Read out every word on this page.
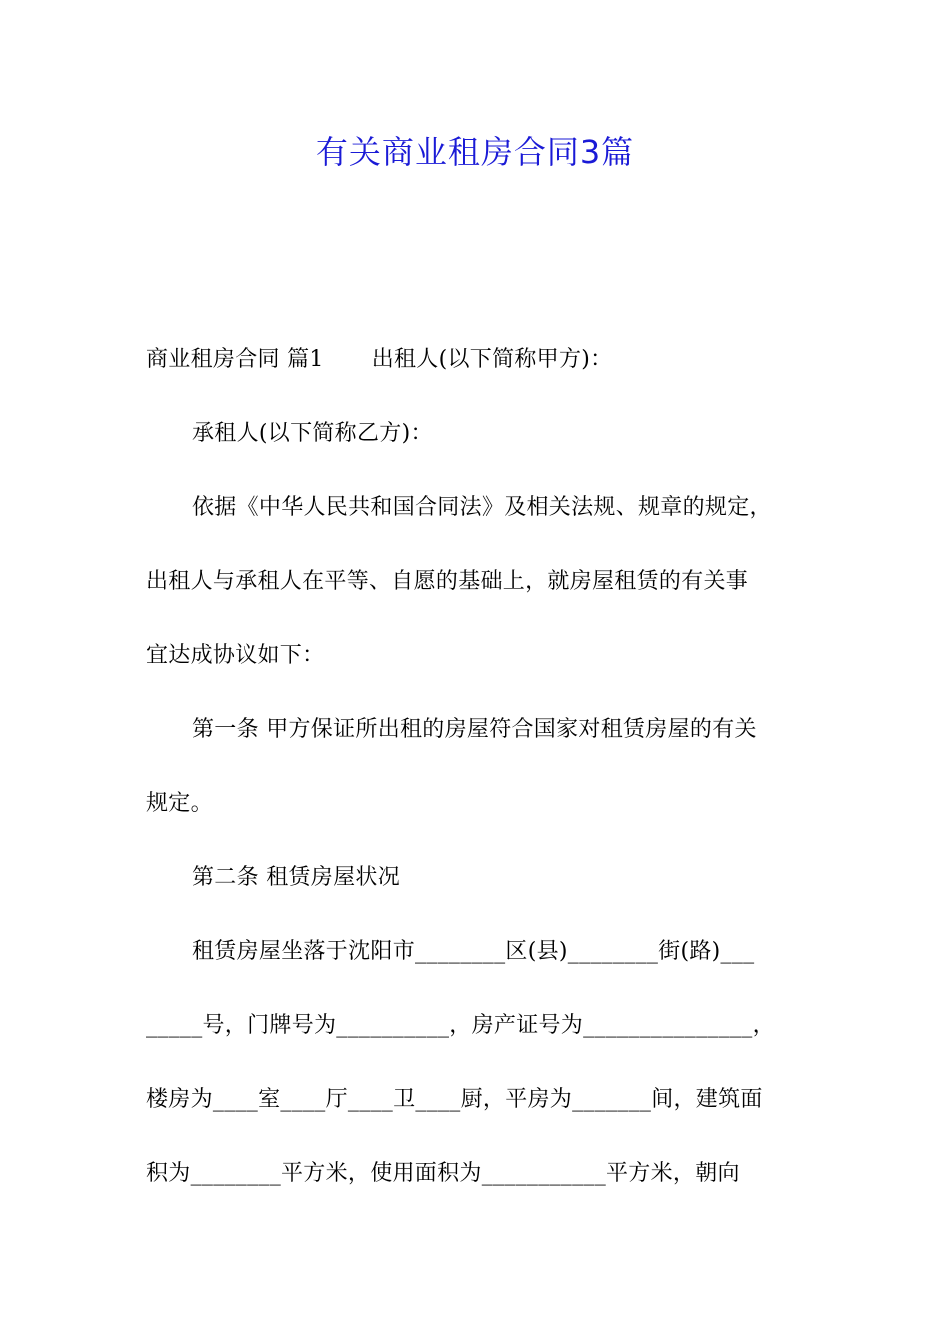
有关商业租房合同3篇
商业租房合同 篇1 出租人(以下简称甲方)：
承租人(以下简称乙方)：
依据《中华人民共和国合同法》及相关法规、规章的规定，
出租人与承租人在平等、自愿的基础上，就房屋租赁的有关事
宜达成协议如下：
第一条 甲方保证所出租的房屋符合国家对租赁房屋的有关
规定。
第二条 租赁房屋状况
租赁房屋坐落于沈阳市________区(县)________街(路)___
_____号，门牌号为__________，房产证号为_______________，
楼房为____室____厅____卫____厨，平房为_______间，建筑面
积为________平方米，使用面积为___________平方米，朝向
